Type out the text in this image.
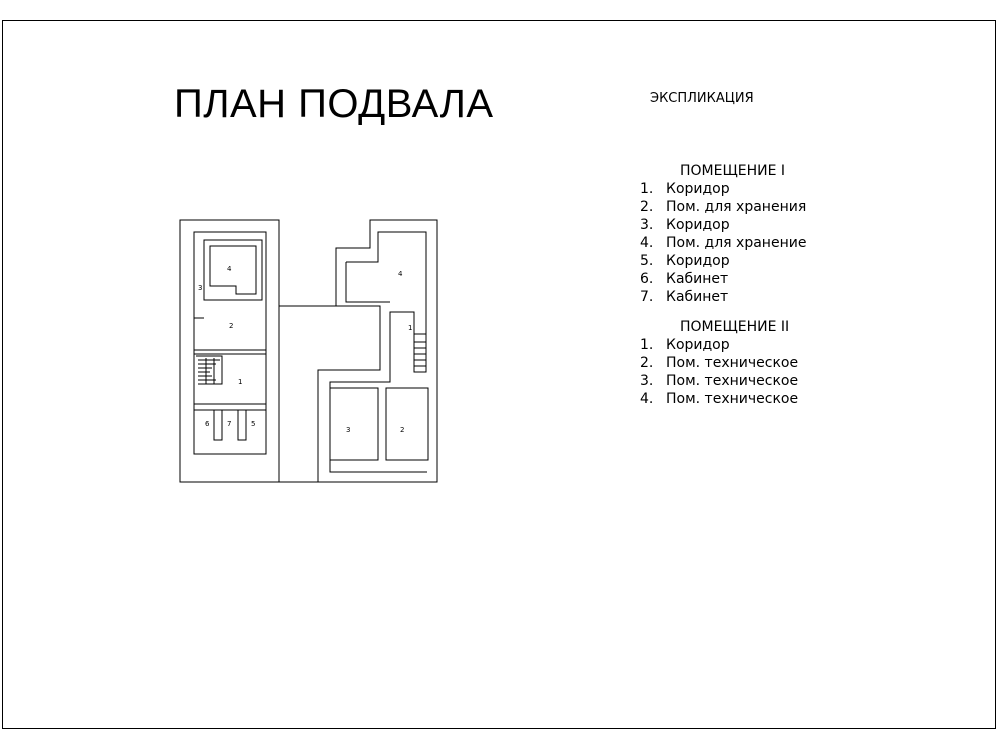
ПЛАН ПОДВАЛА	ЭКСПЛИКАЦИЯ
ПОМЕЩЕНИЕ I
1. Коридор
2. Пом. для хранения
3. Коридор
4. Пом. для хранение
5. Коридор
6. Кабинет
7. Кабинет
ПОМЕЩЕНИЕ II
1. Коридор
2. Пом. техническое
3. Пом. техническое
4. Пом. техническое
4
3
2
1
6	7	5
4
1
3	2
